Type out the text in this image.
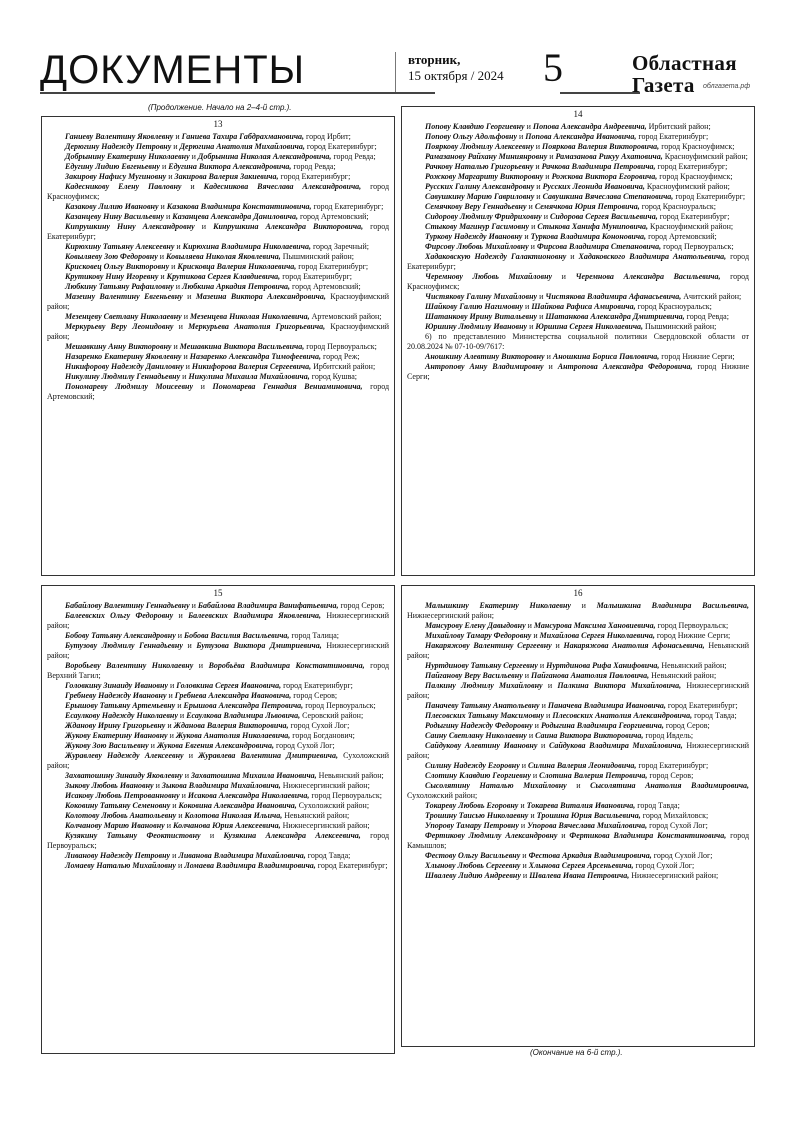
ДОКУМЕНТЫ	вторник,
15 октября / 2024 5	Областная
Газета	облгазета.рф
(Продолжение. Начало на 2–4-й стр.).
13

Ганиеву Валентину Яковлевну и Ганиева Тахира Габдрахмановича, город Ирбит;

Дерюгину Надежду Петровну и Дерюгина Анатолия Михайловича, город Екатеринбург;

Добрынину Екатерину Николаевну и Добрынина Николая Александровича, город Ревда;

Едугину Лидию Евгеньевну и Едугина Виктора Александровича, город Ревда;

Закирову Нафису Мугиновну и Закирова Валерия Закиевича, город Екатеринбург;

Кадесникову Елену Павловну и Кадесникова Вячеслава Александровича, город Красноуфимск;

Казакову Лилию Ивановну и Казакова Владимира Константиновича, город Екатеринбург;

Казанцеву Нину Васильевну и Казанцева Александра Даниловича, город Артемовский;

Кипрушкину Нину Александровну и Кипрушкина Александра Викторовича, город Екатеринбург;

Кирюхину Татьяну Алексеевну и Кирюхина Владимира Николаевича, город Заречный;

Ковыляеву Зою Федоровну и Ковыляева Николая Яковлевича, Пышминский район;

Крисковец Ольгу Викторовну и Крисковца Валерия Николаевича, город Екатеринбург;

Крутикову Нину Игоревну и Крутикова Сергея Клавдиевича, город Екатеринбург;

Любкину Татьяну Рафаиловну и Любкина Аркадия Петровича, город Артемовский;

Мазеину Валентину Евгеньевну и Мазеина Виктора Александровича, Красноуфимский район;

Мезенцеву Светлану Николаевну и Мезенцева Николая Николаевича, Артемовский район;

Меркурьеву Веру Леонидовну и Меркурьева Анатолия Григорьевича, Красноуфимский район;

Мешавкину Анну Викторовну и Мешавкина Виктора Васильевича, город Первоуральск;

Назаренко Екатерину Яковлевну и Назаренко Александра Тимофеевича, город Реж;

Никифорову Надежду Даниловну и Никифорова Валерия Сергеевича, Ирбитский район;

Никулину Людмилу Геннадьевну и Никулина Михаила Михайловича, город Кушва;

Пономареву Людмилу Моисеевну и Пономарева Геннадия Вениаминовича, город Артемовский;

14

Попову Клавдию Георгиевну и Попова Александра Андреевича, Ирбитский район;

Попову Ольгу Адольфовну и Попова Александра Ивановича, город Екатеринбург;

Пояркову Людмилу Алексеевну и Пояркова Валерия Викторовича, город Красноуфимск;

Рамазанову Райхану Миниянровну и Рамазанова Рикуу Ахатовича, Красноуфимский район;

Рачкову Наталью Григорьевну и Рачкова Владимира Петровича, город Екатеринбург;

Рожкову Маргариту Викторовну и Рожкова Виктора Егоровича, город Красноуфимск;

Русских Галину Александровну и Русских Леонида Ивановича, Красноуфимский район;

Савушкину Марию Гавриловну и Савушкина Вячеслава Степановича, город Екатеринбург;

Семячкову Веру Геннадьевну и Семячкова Юрия Петровича, город Красноуральск;

Сидорову Людмилу Фридриховну и Сидорова Сергея Васильевича, город Екатеринбург;

Стыкову Магинур Гасимовну и Стыкова Ханифа Муниповича, Красноуфимский район;

Туркову Надежду Ивановну и Туркова Владимира Кононовича, город Артемовский;

Фирсову Любовь Михайловну и Фирсова Владимира Степановича, город Первоуральск;

Хадаковскую Надежду Галактионовну и Хадаковского Владимира Анатольевича, город Екатеринбург;

Черемнову Любовь Михайловну и Черемнова Александра Васильевича, город Красноуфимск;

Чистякову Галину Михайловну и Чистякова Владимира Афанасьевича, Ачитский район;

Шайкову Галию Нагимовну и Шайкова Рафиса Амировича, город Красноуральск;

Шатанкову Ирину Витальевну и Шатанкова Александра Дмитриевича, город Ревда;

Юршину Людмилу Ивановну и Юршина Сергея Николаевича, Пышминский район;

6) по представлению Министерства социальной политики Свердловской области от 20.08.2024 № 07-10-09/7617:

Аношкину Алевтину Викторовну и Аношкина Бориса Павловича, город Нижние Серги;

Антропову Анну Владимировну и Антропова Александра Федоровича, город Нижние Серги;

15

Бабайлову Валентину Геннадьевну и Бабайлова Владимира Ванифатьевича, город Серов;

Балеевских Ольгу Федоровну и Балеевских Владимира Яковлевича, Нижнесергинский район;

Бобову Татьяну Александровну и Бобова Василия Васильевича, город Талица;

Бутузову Людмилу Геннадьевну и Бутузова Виктора Дмитриевича, Нижнесергинский район;

Воробьеву Валентину Николаевну и Воробьёва Владимира Константиновича, город Верхний Тагил;

Головкину Зинаиду Ивановну и Головкина Сергея Ивановича, город Екатеринбург;

Гребневу Надежду Ивановну и Гребнева Александра Ивановича, город Серов;

Ерышову Татьяну Артемьевну и Ерышова Александра Петровича, город Первоуральск;

Есаулкову Надежду Николаевну и Есаулкова Владимира Львовича, Серовский район;

Жданову Ирину Григорьевну и Жданова Валерия Викторовича, город Сухой Лог;

Жукову Екатерину Ивановну и Жукова Анатолия Николаевича, город Богданович;

Жукову Зою Васильевну и Жукова Евгения Александровича, город Сухой Лог;

Журавлеву Надежду Алексеевну и Журавлева Валентина Дмитриевича, Сухоложский район;

Захватошину Зинаиду Яковлевну и Захватошина Михаила Ивановича, Невьянский район;

Зыкову Любовь Ивановну и Зыкова Владимира Михайловича, Нижнесергинский район;

Исакову Любовь Петрованновну и Исакова Александра Николаевича, город Первоуральск;

Коковину Татьяну Семеновну и Коковина Александра Ивановича, Сухоложский район;

Колотову Любовь Анатольевну и Колотова Николая Ильича, Невьянский район;

Колчанову Марию Ивановну и Колчанова Юрия Алексеевича, Нижнесергинский район;

Кузякину Татьяну Феоктистовну и Кузякина Александра Алексеевича, город Первоуральск;

Ливанову Надежду Петровну и Ливанова Владимира Михайловича, город Тавда;

Ломаеву Наталью Михайловну и Ломаева Владимира Владимировича, город Екатеринбург;

16

Малышкину Екатерину Николаевну и Малышкина Владимира Васильевича, Нижнесергинский район;

Мансурову Елену Давыдовну и Мансурова Максима Хановиевича, город Первоуральск;

Михайлову Тамару Федоровну и Михайлова Сергея Николаевича, город Нижние Серги;

Накаряжову Валентину Сергеевну и Накаряжова Анатолия Афонасьевича, Невьянский район;

Нуртдинову Татьяну Сергеевну и Нуртдинова Рифа Ханифовича, Невьянский район;

Пайганову Веру Васильевну и Пайганова Анатолия Павловича, Невьянский район;

Палкину Людмилу Михайловну и Палкина Виктора Михайловича, Нижнесергинский район;

Паначеву Татьяну Анатольевну и Паначева Владимира Ивановича, город Екатеринбург;

Плесовских Татьяну Максимовну и Плесовских Анатолия Александровича, город Тавда;

Родыгину Надежду Федоровну и Родыгина Владимира Георгиевича, город Серов;

Саину Светлану Николаевну и Саина Виктора Викторовича, город Ивдель;

Сайдукову Алевтину Ивановну и Сайдукова Владимира Михайловича, Нижнесергинский район;

Силину Надежду Егоровну и Силина Валерия Леонидовича, город Екатеринбург;

Слотину Клавдию Георгиевну и Слотина Валерия Петровича, город Серов;

Сысолятину Наталью Михайловну и Сысолятина Анатолия Владимировича, Сухоложский район;

Токареву Любовь Егоровну и Токарева Виталия Ивановича, город Тавда;

Трошину Таисью Николаевну и Трошина Юрия Васильевича, город Михайловск;

Упорову Тамару Петровну и Упорова Вячеслава Михайловича, город Сухой Лог;

Фертикову Людмилу Александровну и Фертикова Владимира Константиновича, город Камышлов;

Фестову Ольгу Васильевну и Фестова Аркадия Владимировича, город Сухой Лог;

Хлынову Любовь Сергеевну и Хлынова Сергея Арсеньевича, город Сухой Лог;

Швалеву Лидию Андреевну и Швалева Ивана Петровича, Нижнесергинский район;

(Окончание на 6-й стр.).
